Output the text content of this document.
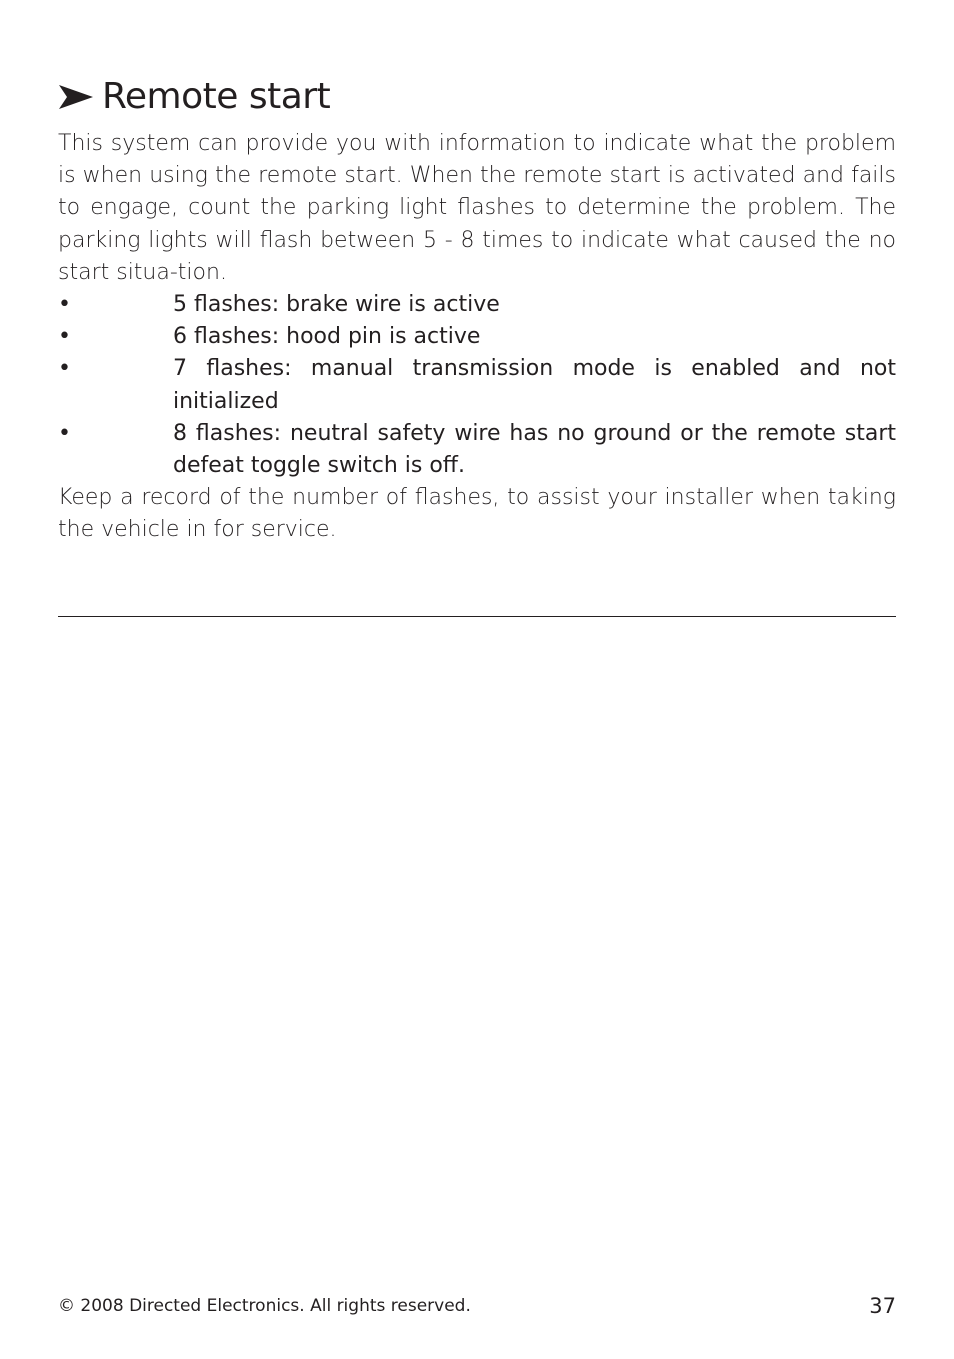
Remote start

This system can provide you with information to indicate what the problem is when using the remote start. When the remote start is activated and fails to engage, count the parking light flashes to determine the problem. The parking lights will flash between 5 - 8 times to indicate what caused the no start situa-tion.

•	5 flashes: brake wire is active
•	6 flashes: hood pin is active
•	7 flashes: manual transmission mode is enabled and not initialized
•	8 flashes: neutral safety wire has no ground or the remote start defeat toggle switch is off.

Keep a record of the number of flashes, to assist your installer when taking the vehicle in for service.

© 2008 Directed Electronics. All rights reserved.	37
